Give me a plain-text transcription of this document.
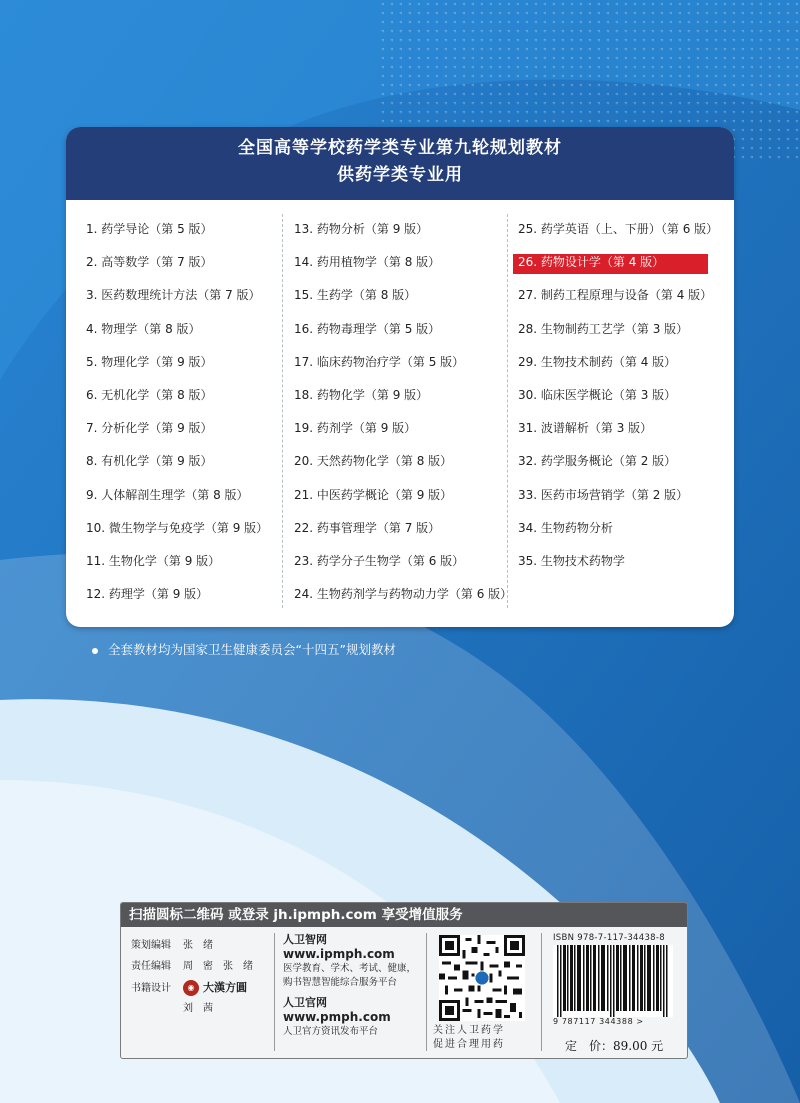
全国高等学校药学类专业第九轮规划教材
供药学类专业用
1. 药学导论（第 5 版）
2. 高等数学（第 7 版）
3. 医药数理统计方法（第 7 版）
4. 物理学（第 8 版）
5. 物理化学（第 9 版）
6. 无机化学（第 8 版）
7. 分析化学（第 9 版）
8. 有机化学（第 9 版）
9. 人体解剖生理学（第 8 版）
10. 微生物学与免疫学（第 9 版）
11. 生物化学（第 9 版）
12. 药理学（第 9 版）
13. 药物分析（第 9 版）
14. 药用植物学（第 8 版）
15. 生药学（第 8 版）
16. 药物毒理学（第 5 版）
17. 临床药物治疗学（第 5 版）
18. 药物化学（第 9 版）
19. 药剂学（第 9 版）
20. 天然药物化学（第 8 版）
21. 中医药学概论（第 9 版）
22. 药事管理学（第 7 版）
23. 药学分子生物学（第 6 版）
24. 生物药剂学与药物动力学（第 6 版）
25. 药学英语（上、下册）（第 6 版）
26. 药物设计学（第 4 版）
27. 制药工程原理与设备（第 4 版）
28. 生物制药工艺学（第 3 版）
29. 生物技术制药（第 4 版）
30. 临床医学概论（第 3 版）
31. 波谱解析（第 3 版）
32. 药学服务概论（第 2 版）
33. 医药市场营销学（第 2 版）
34. 生物药物分析
35. 生物技术药物学
全套教材均为国家卫生健康委员会“十四五”规划教材
扫描圆标二维码 或登录 jh.ipmph.com 享受增值服务
策划编辑 张　绪
责任编辑 周　密　张　绪
书籍设计 ◉ 大漢方圓
刘　茜
人卫智网
www.ipmph.com
医学教育、学术、考试、健康，
购书智慧智能综合服务平台
人卫官网
www.pmph.com
人卫官方资讯发布平台	关注人卫药学
促进合理用药
ISBN 978-7-117-34438-8
9 787117 344388 >
定　价：89.00 元
